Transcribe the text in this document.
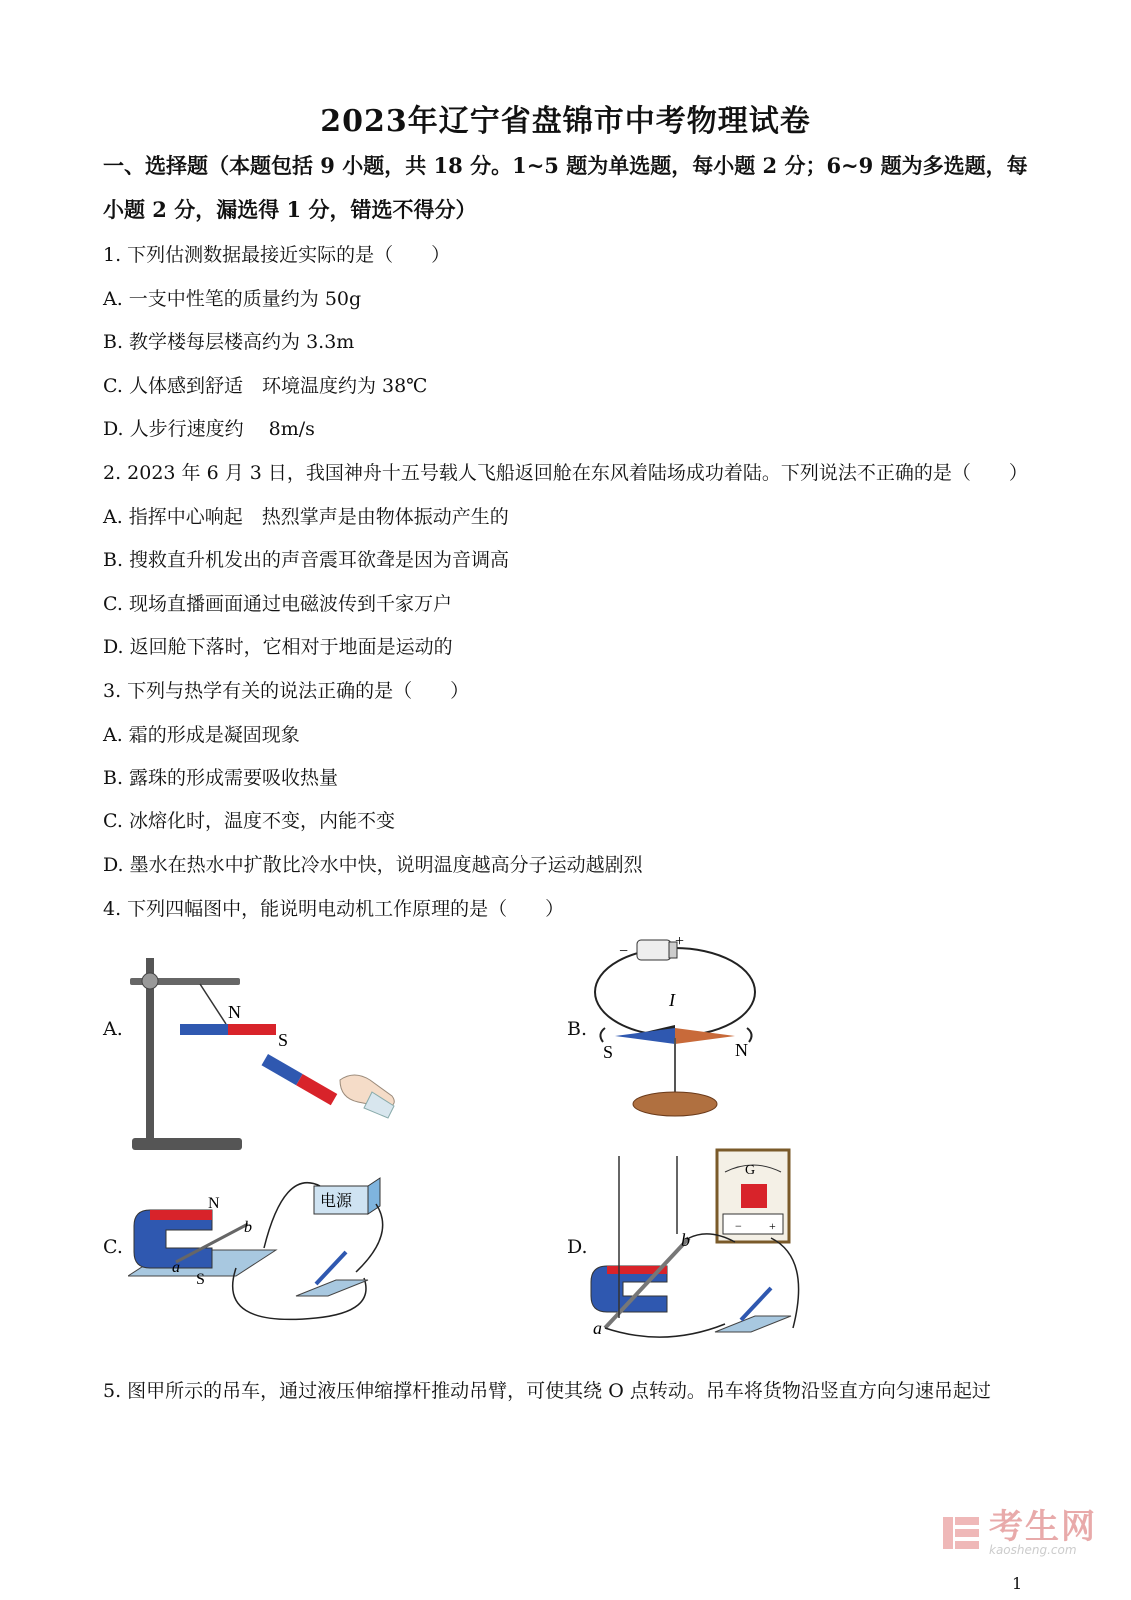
2023年辽宁省盘锦市中考物理试卷
一、选择题（本题包括 9 小题，共 18 分。1~5 题为单选题，每小题 2 分；6~9 题为多选题，每小题 2 分，漏选得 1 分，错选不得分）
1. 下列估测数据最接近实际的是（　　）
A. 一支中性笔的质量约为 50g
B. 教学楼每层楼高约为 3.3m
C. 人体感到舒适　环境温度约为 38℃
D. 人步行速度约　 8m/s
2. 2023 年 6 月 3 日，我国神舟十五号载人飞船返回舱在东风着陆场成功着陆。下列说法不正确的是（　　）
A. 指挥中心响起　热烈掌声是由物体振动产生的
B. 搜救直升机发出的声音震耳欲聋是因为音调高
C. 现场直播画面通过电磁波传到千家万户
D. 返回舱下落时，它相对于地面是运动的
3. 下列与热学有关的说法正确的是（　　）
A. 霜的形成是凝固现象
B. 露珠的形成需要吸收热量
C. 冰熔化时，温度不变，内能不变
D. 墨水在热水中扩散比冷水中快，说明温度越高分子运动越剧烈
4. 下列四幅图中，能说明电动机工作原理的是（　　）
A.	B.
C.	D.
N
S
−
+
I
S	N
N
S
a
b
电源
G
− +
a
b
5. 图甲所示的吊车，通过液压伸缩撑杆推动吊臂，可使其绕 O 点转动。吊车将货物沿竖直方向匀速吊起过
考生网
kaosheng.com
1
